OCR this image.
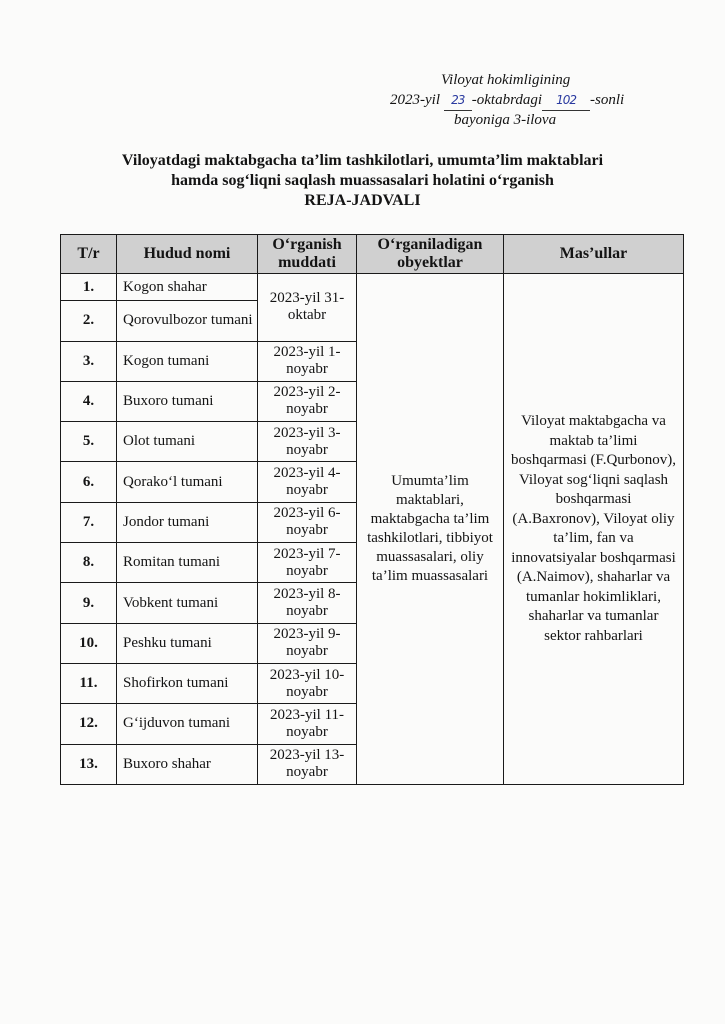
Viloyat hokimligining
2023-yil 23 -oktabrdagi 102 -sonli
bayoniga 3-ilova
Viloyatdagi maktabgacha ta’lim tashkilotlari, umumta’lim maktablari
hamda sog‘liqni saqlash muassasalari holatini o‘rganish
REJA-JADVALI
T/r	Hudud nomi	O‘rganish muddati	O‘rganiladigan obyektlar	Mas’ullar
1.	Kogon shahar	2023-yil 31-oktabr	Umumta’lim maktablari, maktabgacha ta’lim tashkilotlari, tibbiyot muassasalari, oliy ta’lim muassasalari	Viloyat maktabgacha va maktab ta’limi boshqarmasi (F.Qurbonov), Viloyat sog‘liqni saqlash boshqarmasi (A.Baxronov), Viloyat oliy ta’lim, fan va innovatsiyalar boshqarmasi (A.Naimov), shaharlar va tumanlar hokimliklari, shaharlar va tumanlar sektor rahbarlari
2.	Qorovulbozor tumani			
3.	Kogon tumani	2023-yil 1-noyabr		
4.	Buxoro tumani	2023-yil 2-noyabr		
5.	Olot tumani	2023-yil 3-noyabr		
6.	Qorako‘l tumani	2023-yil 4-noyabr		
7.	Jondor tumani	2023-yil 6-noyabr		
8.	Romitan tumani	2023-yil 7-noyabr		
9.	Vobkent tumani	2023-yil 8-noyabr		
10.	Peshku tumani	2023-yil 9-noyabr		
11.	Shofirkon tumani	2023-yil 10-noyabr		
12.	G‘ijduvon tumani	2023-yil 11-noyabr		
13.	Buxoro shahar	2023-yil 13-noyabr		
